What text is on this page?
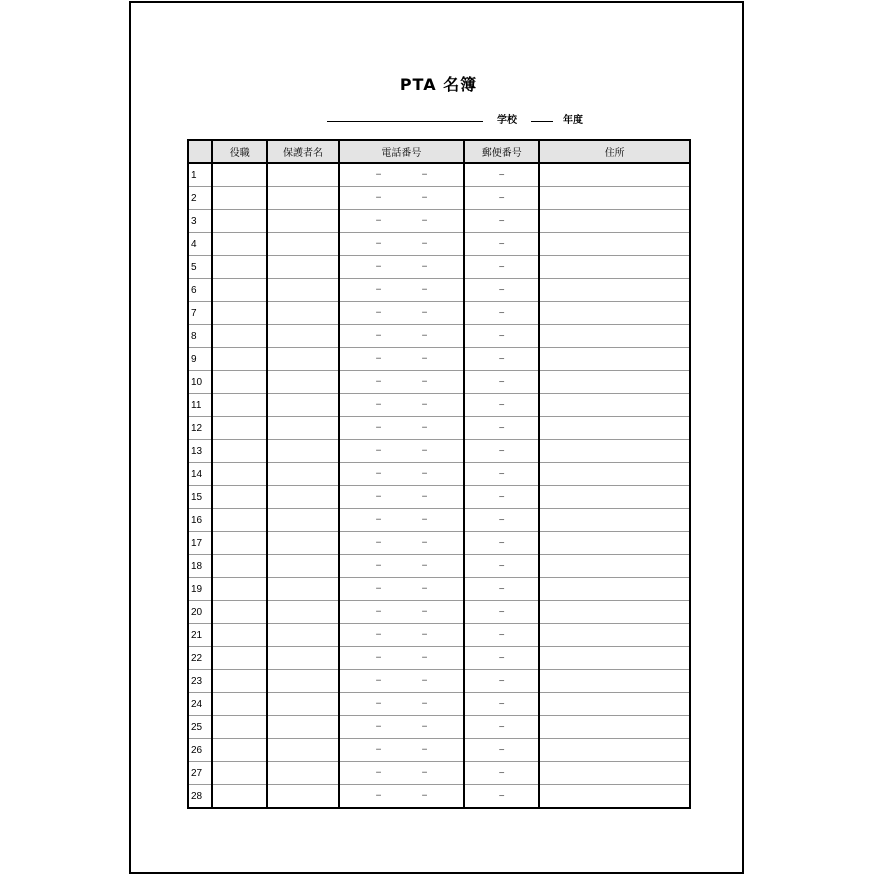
PTA 名簿
学校	年度
	役職	保護者名	電話番号	郵便番号	住所
1			− −	−	
2			− −	−	
3			− −	−	
4			− −	−	
5			− −	−	
6			− −	−	
7			− −	−	
8			− −	−	
9			− −	−	
10			− −	−	
11			− −	−	
12			− −	−	
13			− −	−	
14			− −	−	
15			− −	−	
16			− −	−	
17			− −	−	
18			− −	−	
19			− −	−	
20			− −	−	
21			− −	−	
22			− −	−	
23			− −	−	
24			− −	−	
25			− −	−	
26			− −	−	
27			− −	−	
28			− −	−	
